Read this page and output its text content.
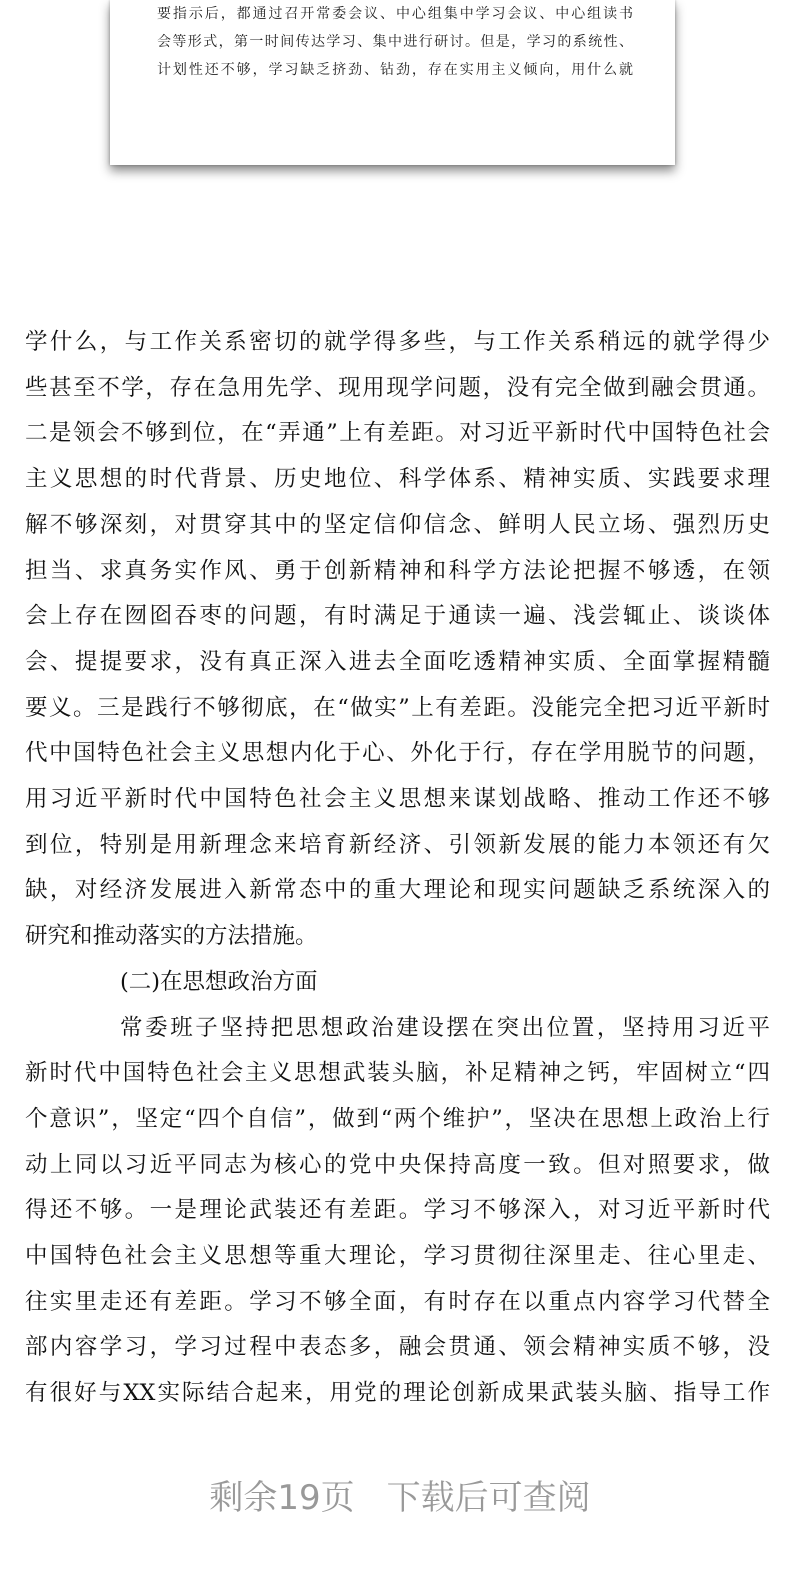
要指示后，都通过召开常委会议、中心组集中学习会议、中心组读书
会等形式，第一时间传达学习、集中进行研讨。但是，学习的系统性、
计划性还不够，学习缺乏挤劲、钻劲，存在实用主义倾向，用什么就
学什么，与工作关系密切的就学得多些，与工作关系稍远的就学得少
些甚至不学，存在急用先学、现用现学问题，没有完全做到融会贯通。
二是领会不够到位，在“弄通”上有差距。对习近平新时代中国特色社会
主义思想的时代背景、历史地位、科学体系、精神实质、实践要求理
解不够深刻，对贯穿其中的坚定信仰信念、鲜明人民立场、强烈历史
担当、求真务实作风、勇于创新精神和科学方法论把握不够透，在领
会上存在囫囵吞枣的问题，有时满足于通读一遍、浅尝辄止、谈谈体
会、提提要求，没有真正深入进去全面吃透精神实质、全面掌握精髓
要义。三是践行不够彻底，在“做实”上有差距。没能完全把习近平新时
代中国特色社会主义思想内化于心、外化于行，存在学用脱节的问题，
用习近平新时代中国特色社会主义思想来谋划战略、推动工作还不够
到位，特别是用新理念来培育新经济、引领新发展的能力本领还有欠
缺，对经济发展进入新常态中的重大理论和现实问题缺乏系统深入的
研究和推动落实的方法措施。
(二)在思想政治方面
常委班子坚持把思想政治建设摆在突出位置，坚持用习近平
新时代中国特色社会主义思想武装头脑，补足精神之钙，牢固树立“四
个意识”，坚定“四个自信”，做到“两个维护”，坚决在思想上政治上行
动上同以习近平同志为核心的党中央保持高度一致。但对照要求，做
得还不够。一是理论武装还有差距。学习不够深入，对习近平新时代
中国特色社会主义思想等重大理论，学习贯彻往深里走、往心里走、
往实里走还有差距。学习不够全面，有时存在以重点内容学习代替全
部内容学习，学习过程中表态多，融会贯通、领会精神实质不够，没
有很好与XX实际结合起来，用党的理论创新成果武装头脑、指导工作
剩余19页 下载后可查阅
